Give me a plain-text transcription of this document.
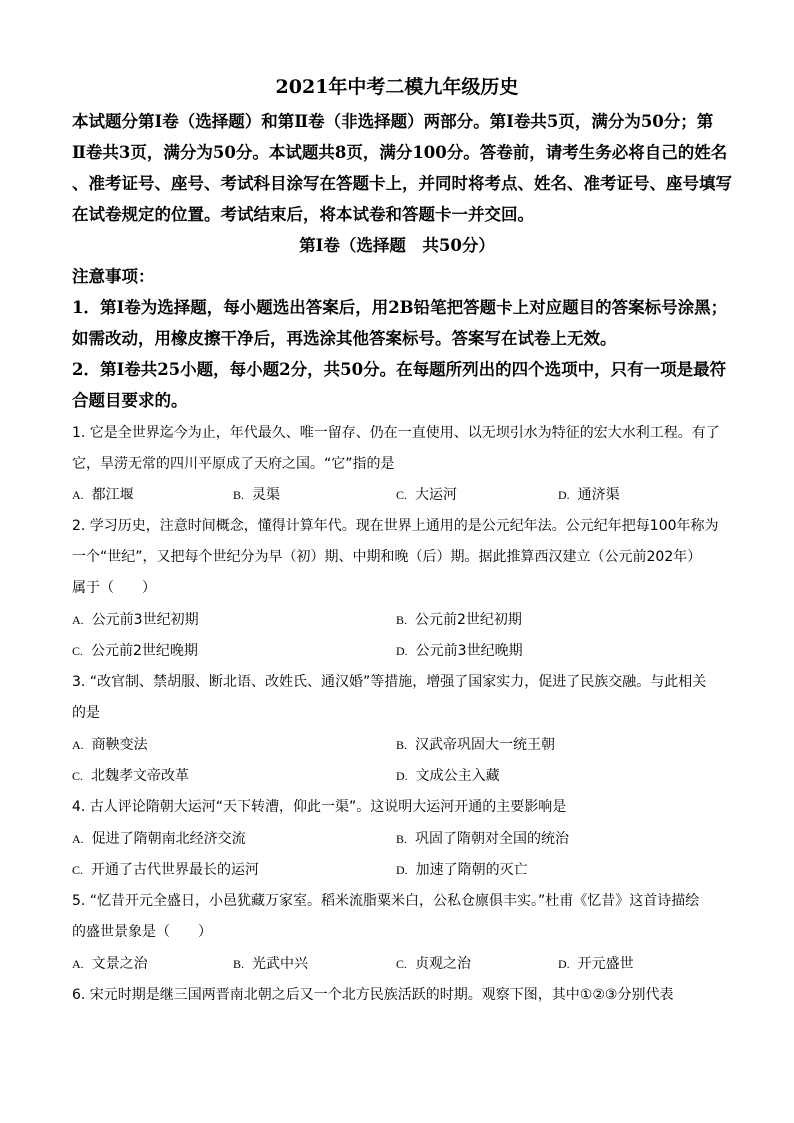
2021年中考二模九年级历史
本试题分第Ⅰ卷（选择题）和第Ⅱ卷（非选择题）两部分。第Ⅰ卷共5页，满分为50分；第
Ⅱ卷共3页，满分为50分。本试题共8页，满分100分。答卷前，请考生务必将自己的姓名
、准考证号、座号、考试科目涂写在答题卡上，并同时将考点、姓名、准考证号、座号填写
在试卷规定的位置。考试结束后，将本试卷和答题卡一并交回。
第Ⅰ卷（选择题　共50分）
注意事项：
1．第Ⅰ卷为选择题，每小题选出答案后，用2B铅笔把答题卡上对应题目的答案标号涂黑；
如需改动，用橡皮擦干净后，再选涂其他答案标号。答案写在试卷上无效。
2．第Ⅰ卷共25小题，每小题2分，共50分。在每题所列出的四个选项中，只有一项是最符
合题目要求的。
1. 它是全世界迄今为止，年代最久、唯一留存、仍在一直使用、以无坝引水为特征的宏大水利工程。有了
它，旱涝无常的四川平原成了天府之国。“它”指的是
A. 都江堰	B. 灵渠	C. 大运河	D. 通济渠
2. 学习历史，注意时间概念，懂得计算年代。现在世界上通用的是公元纪年法。公元纪年把每100年称为
一个“世纪”，又把每个世纪分为早（初）期、中期和晚（后）期。据此推算西汉建立（公元前202年）
属于（　　）
A. 公元前3世纪初期	B. 公元前2世纪初期
C. 公元前2世纪晚期	D. 公元前3世纪晚期
3. “改官制、禁胡服、断北语、改姓氏、通汉婚”等措施，增强了国家实力，促进了民族交融。与此相关
的是
A. 商鞅变法	B. 汉武帝巩固大一统王朝
C. 北魏孝文帝改革	D. 文成公主入藏
4. 古人评论隋朝大运河“天下转漕，仰此一渠”。这说明大运河开通的主要影响是
A. 促进了隋朝南北经济交流	B. 巩固了隋朝对全国的统治
C. 开通了古代世界最长的运河	D. 加速了隋朝的灭亡
5. “忆昔开元全盛日，小邑犹藏万家室。稻米流脂粟米白，公私仓廪俱丰实。”杜甫《忆昔》这首诗描绘
的盛世景象是（　　）
A. 文景之治	B. 光武中兴	C. 贞观之治	D. 开元盛世
6. 宋元时期是继三国两晋南北朝之后又一个北方民族活跃的时期。观察下图，其中①②③分别代表
